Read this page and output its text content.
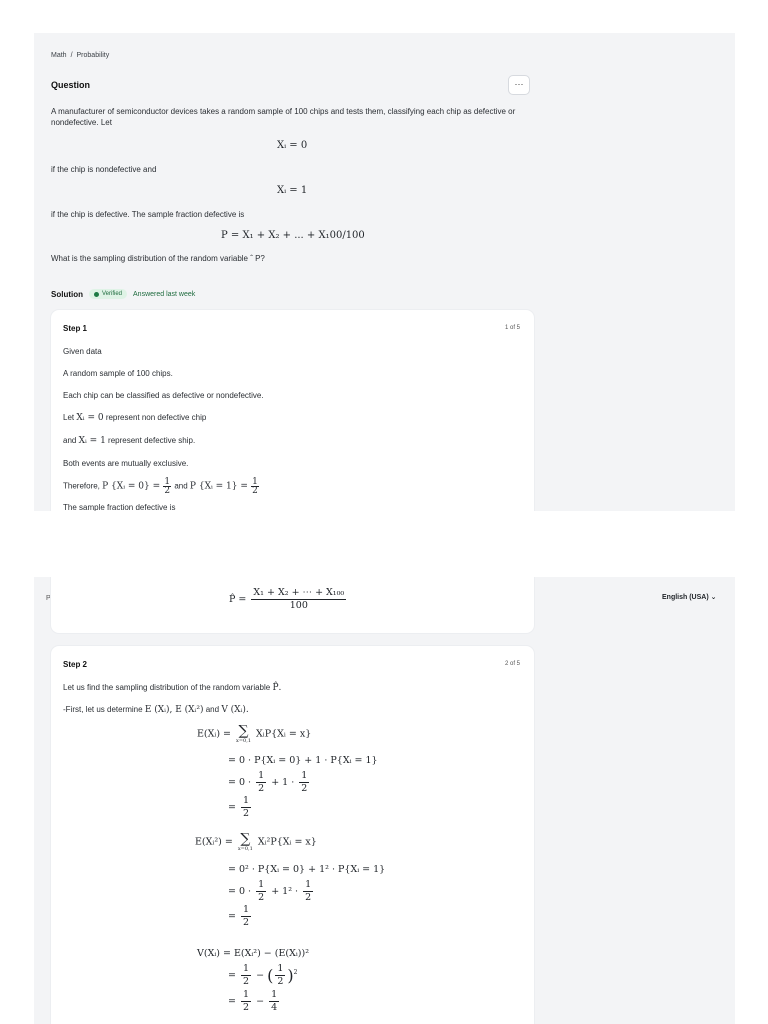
Math / Probability
Question	···
A manufacturer of semiconductor devices takes a random sample of 100 chips and tests them, classifying each chip as defective or nondefective. Let
Xᵢ = 0
if the chip is nondefective and
Xᵢ = 1
if the chip is defective. The sample fraction defective is
P = X₁ + X₂ + ... + X₁00/100
What is the sampling distribution of the random variable ˆ P?
Solution	Verified Answered last week
Step 1	1 of 5
Given data
A random sample of 100 chips.
Each chip can be classified as defective or nondefective.
Let Xᵢ = 0 represent non defective chip
and Xᵢ = 1 represent defective ship.
Both events are mutually exclusive.
Therefore, P {Xᵢ = $0\} = \frac{1}{2}$ and P {Xᵢ = $1\} = \frac{1}{2}$
The sample fraction defective is
P	English (USA) ⌄
P̂ = $\frac{\text{X₁ + X₂ + ⋯ + X₁₀₀}}{100}$
Step 2	2 of 5
Let us find the sampling distribution of the random variable P̂.
-First, let us determine E (Xᵢ), E (Xᵢ²) and V (Xᵢ).
E(Xᵢ) = ∑
x=0,1
XᵢP{Xᵢ = x}
= 0 · P{Xᵢ = 0} + 1 · P{Xᵢ = 1}
= $0 \cdot \frac{1}{2} + 1 \cdot \frac{1}{2}$
= $\frac{1}{2}$
E(Xᵢ²) = ∑
x=0,1
Xᵢ²P{Xᵢ = x}
= 0² · P{Xᵢ = 0} + 1² · P{Xᵢ = 1}
= $0 \cdot \frac{1}{2} + 1^2 \cdot \frac{1}{2}$
= $\frac{1}{2}$
V(Xᵢ) = E(Xᵢ²) − (E(Xᵢ))²
= $\frac{1}{2}$ − ( $\frac{1}{2} )^2$
= $\frac{1}{2} - \frac{1}{4}$
